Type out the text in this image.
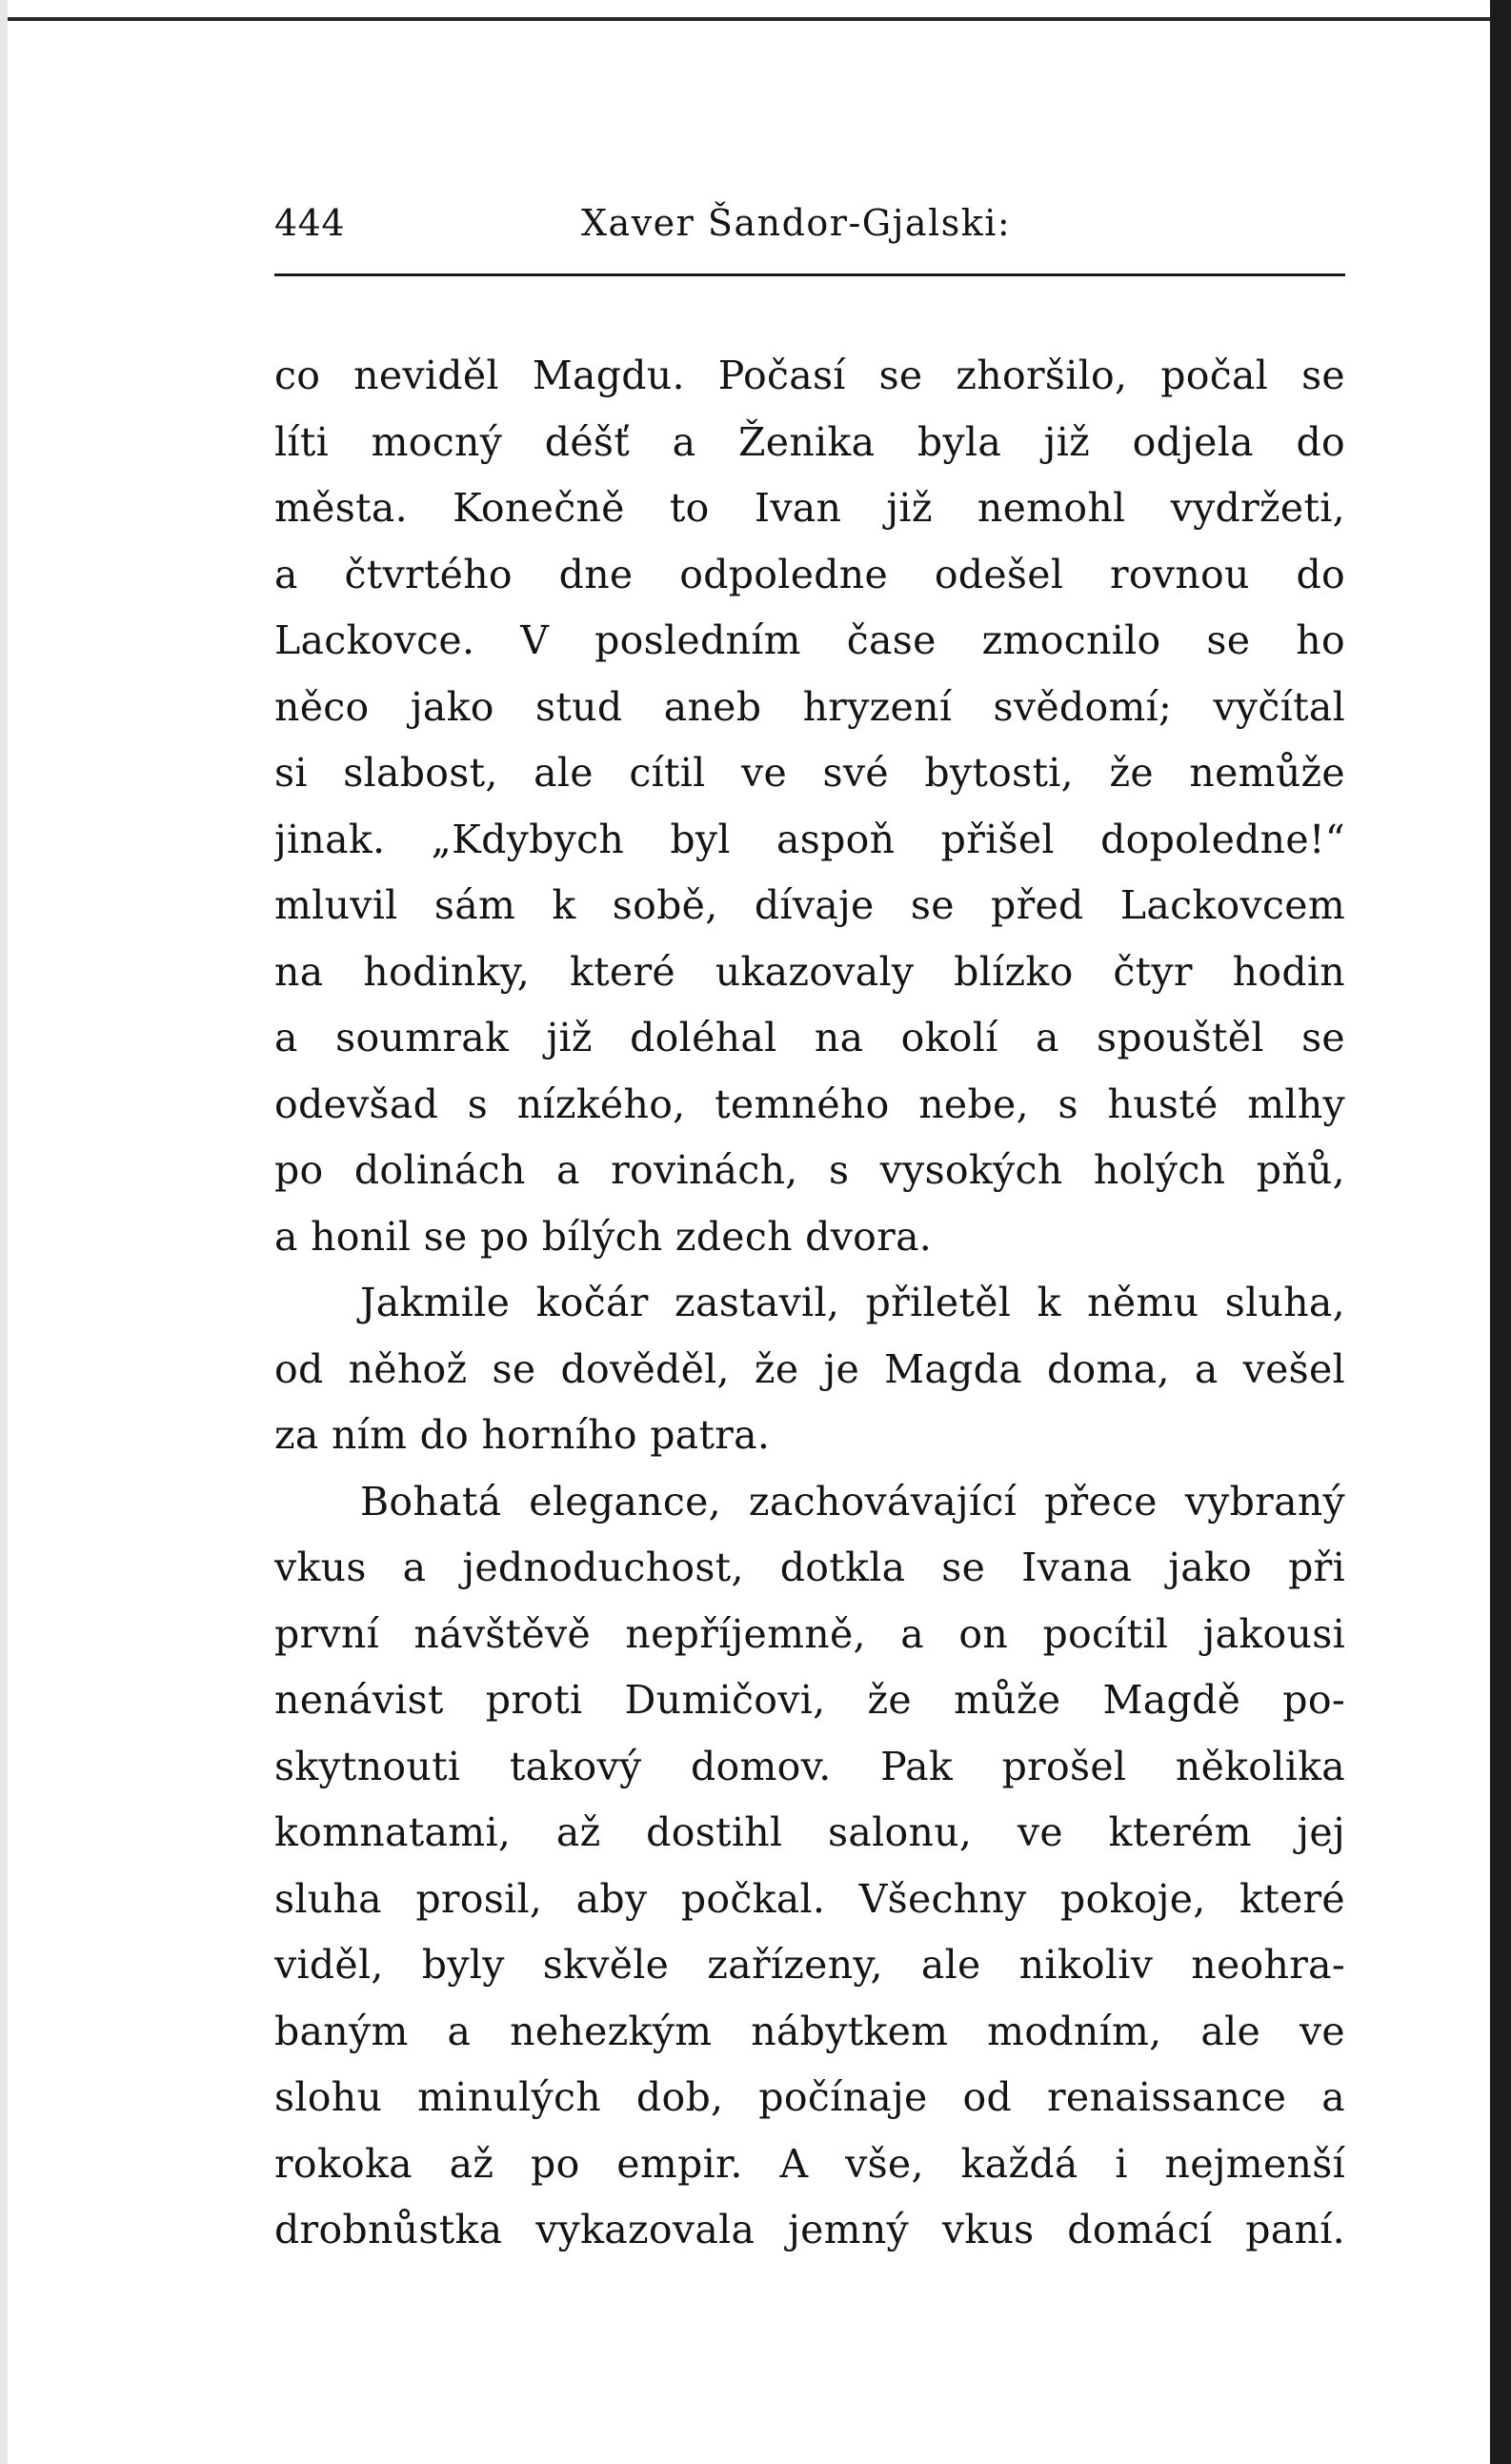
444	Xaver Šandor-Gjalski:
co neviděl Magdu. Počasí se zhoršilo, počal se
líti mocný déšť a Ženika byla již odjela do
města. Konečně to Ivan již nemohl vydržeti,
a čtvrtého dne odpoledne odešel rovnou do
Lackovce. V posledním čase zmocnilo se ho
něco jako stud aneb hryzení svědomí; vyčítal
si slabost, ale cítil ve své bytosti, že nemůže
jinak. „Kdybych byl aspoň přišel dopoledne!“
mluvil sám k sobě, dívaje se před Lackovcem
na hodinky, které ukazovaly blízko čtyr hodin
a soumrak již doléhal na okolí a spouštěl se
odevšad s nízkého, temného nebe, s husté mlhy
po dolinách a rovinách, s vysokých holých pňů,
a honil se po bílých zdech dvora.
Jakmile kočár zastavil, přiletěl k němu sluha,
od něhož se dověděl, že je Magda doma, a vešel
za ním do horního patra.
Bohatá elegance, zachovávající přece vybraný
vkus a jednoduchost, dotkla se Ivana jako při
první návštěvě nepříjemně, a on pocítil jakousi
nenávist proti Dumičovi, že může Magdě po-
skytnouti takový domov. Pak prošel několika
komnatami, až dostihl salonu, ve kterém jej
sluha prosil, aby počkal. Všechny pokoje, které
viděl, byly skvěle zařízeny, ale nikoliv neohra-
baným a nehezkým nábytkem modním, ale ve
slohu minulých dob, počínaje od renaissance a
rokoka až po empir. A vše, každá i nejmenší
drobnůstka vykazovala jemný vkus domácí paní.
